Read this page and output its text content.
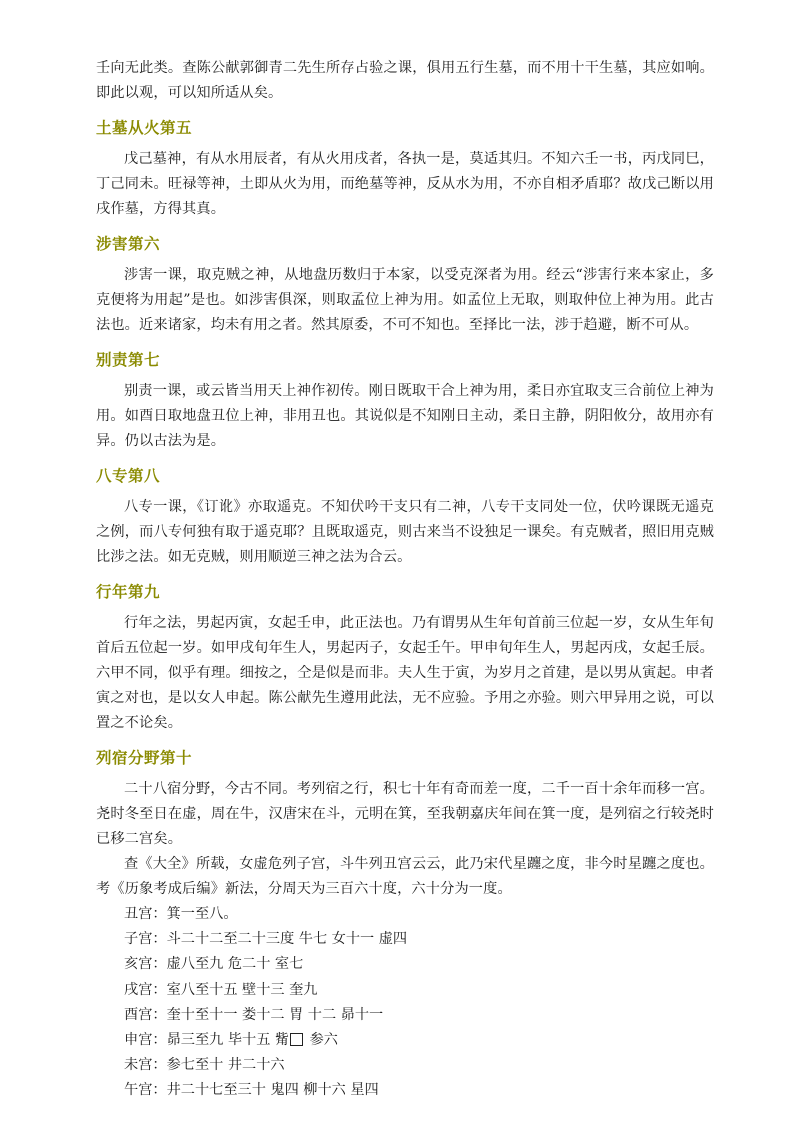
壬向无此类。查陈公献郭御青二先生所存占验之课，俱用五行生墓，而不用十干生墓，其应如响。即此以观，可以知所适从矣。

土墓从火第五

戊己墓神，有从水用辰者，有从火用戌者，各执一是，莫适其归。不知六壬一书，丙戊同巳，丁己同未。旺禄等神，土即从火为用，而绝墓等神，反从水为用，不亦自相矛盾耶？故戊己断以用戌作墓，方得其真。

涉害第六

涉害一课，取克贼之神，从地盘历数归于本家，以受克深者为用。经云“涉害行来本家止，多克便将为用起”是也。如涉害俱深，则取孟位上神为用。如孟位上无取，则取仲位上神为用。此古法也。近来诸家，均未有用之者。然其原委，不可不知也。至择比一法，涉于趋避，断不可从。

别责第七

别责一课，或云皆当用天上神作初传。刚日既取干合上神为用，柔日亦宜取支三合前位上神为用。如酉日取地盘丑位上神，非用丑也。其说似是不知刚日主动，柔日主静，阴阳攸分，故用亦有异。仍以古法为是。

八专第八

八专一课，《订讹》亦取遥克。不知伏吟干支只有二神，八专干支同处一位，伏吟课既无遥克之例，而八专何独有取于遥克耶？且既取遥克，则古来当不设独足一课矣。有克贼者，照旧用克贼比涉之法。如无克贼，则用顺逆三神之法为合云。

行年第九

行年之法，男起丙寅，女起壬申，此正法也。乃有谓男从生年旬首前三位起一岁，女从生年旬首后五位起一岁。如甲戌旬年生人，男起丙子，女起壬午。甲申旬年生人，男起丙戌，女起壬辰。六甲不同，似乎有理。细按之，仝是似是而非。夫人生于寅，为岁月之首建，是以男从寅起。申者寅之对也，是以女人申起。陈公献先生遵用此法，无不应验。予用之亦验。则六甲异用之说，可以置之不论矣。

列宿分野第十

二十八宿分野，今古不同。考列宿之行，积七十年有奇而差一度，二千一百十余年而移一宫。尧时冬至日在虚，周在牛，汉唐宋在斗，元明在箕，至我朝嘉庆年间在箕一度，是列宿之行较尧时已移二宫矣。

查《大全》所载，女虚危列子宫，斗牛列丑宫云云，此乃宋代星躔之度，非今时星躔之度也。考《历象考成后编》新法，分周天为三百六十度，六十分为一度。

丑宫：箕一至八。

子宫：斗二十二至二十三度 牛七 女十一 虚四

亥宫：虚八至九 危二十 室七

戌宫：室八至十五 壁十三 奎九

酉宫：奎十至十一 娄十二 胃 十二 昴十一

申宫：昴三至九 毕十五 觜 参六

未宫：参七至十 井二十六

午宫：井二十七至三十 鬼四 柳十六 星四
